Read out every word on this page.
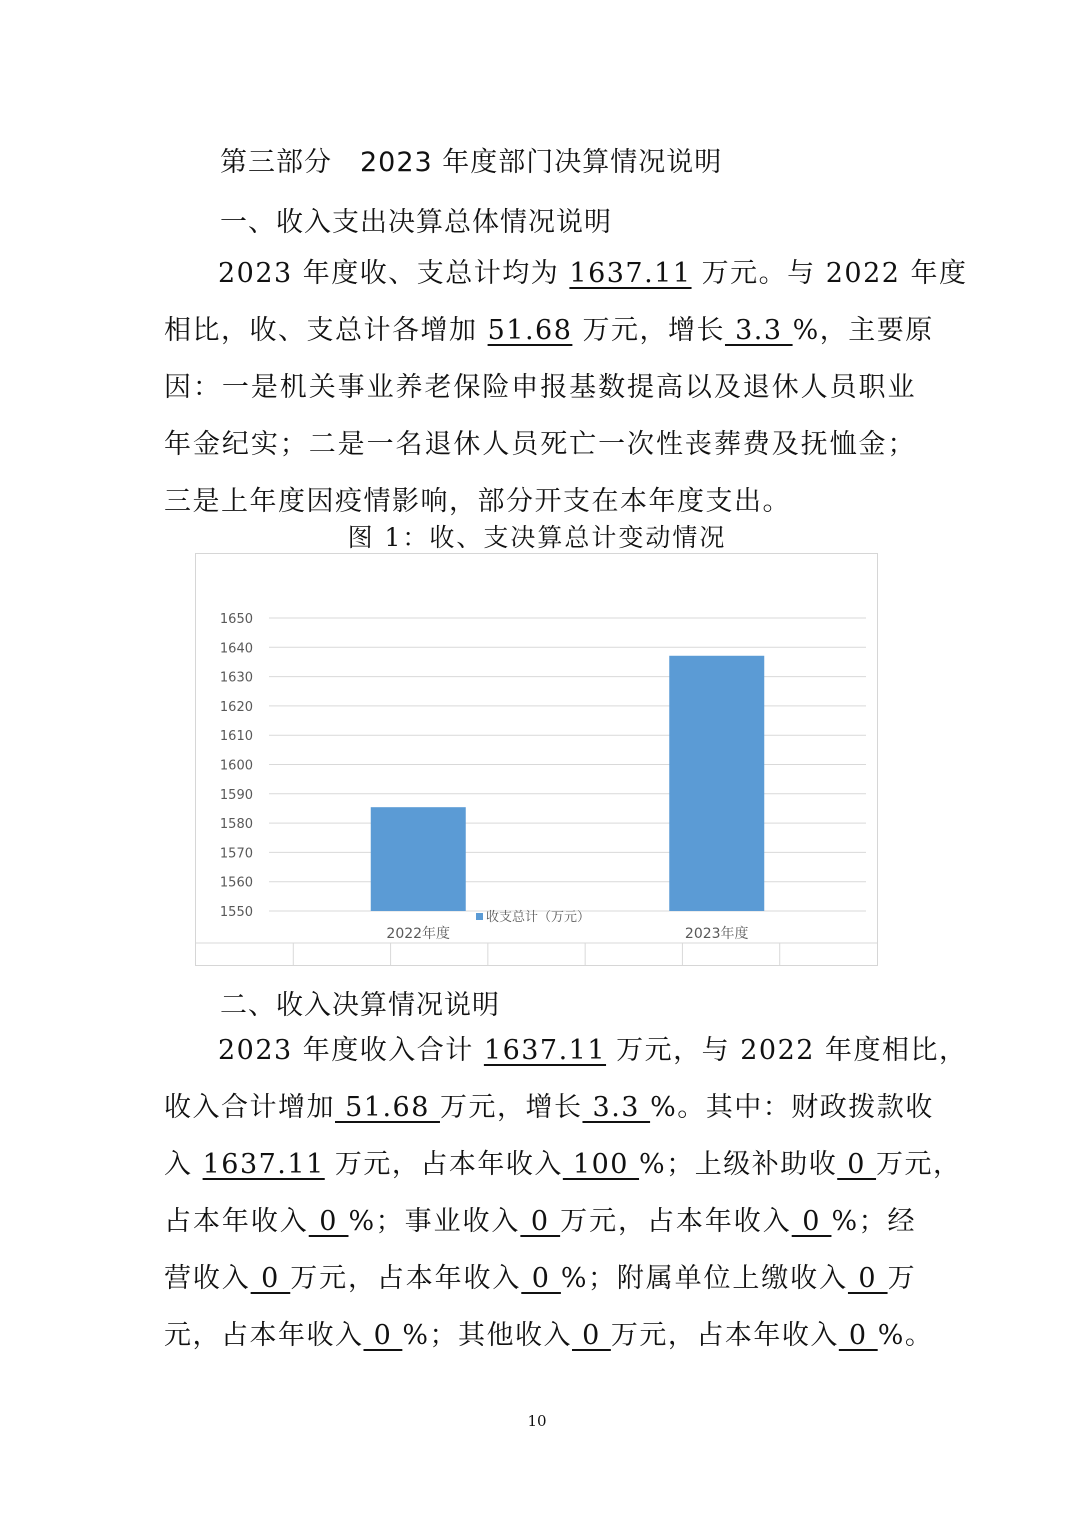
第三部分　2023 年度部门决算情况说明
一、收入支出决算总体情况说明
2023 年度收、支总计均为 1637.11 万元。与 2022 年度
相比，收、支总计各增加 51.68 万元，增长 3.3 %，主要原
因：一是机关事业养老保险申报基数提高以及退休人员职业
年金纪实；二是一名退休人员死亡一次性丧葬费及抚恤金；
三是上年度因疫情影响，部分开支在本年度支出。
图 1：收、支决算总计变动情况
1550
1560
1570
1580
1590
1600
1610
1620
1630
1640
1650
2022年度	2023年度
收支总计（万元）
二、收入决算情况说明
2023 年度收入合计 1637.11 万元，与 2022 年度相比，
收入合计增加 51.68 万元，增长 3.3 %。其中：财政拨款收
入 1637.11 万元，占本年收入 100 %；上级补助收 0 万元，
占本年收入 0 %；事业收入 0 万元，占本年收入 0 %；经
营收入 0 万元，占本年收入 0 %；附属单位上缴收入 0 万
元，占本年收入 0 %；其他收入 0 万元，占本年收入 0 %。
10
